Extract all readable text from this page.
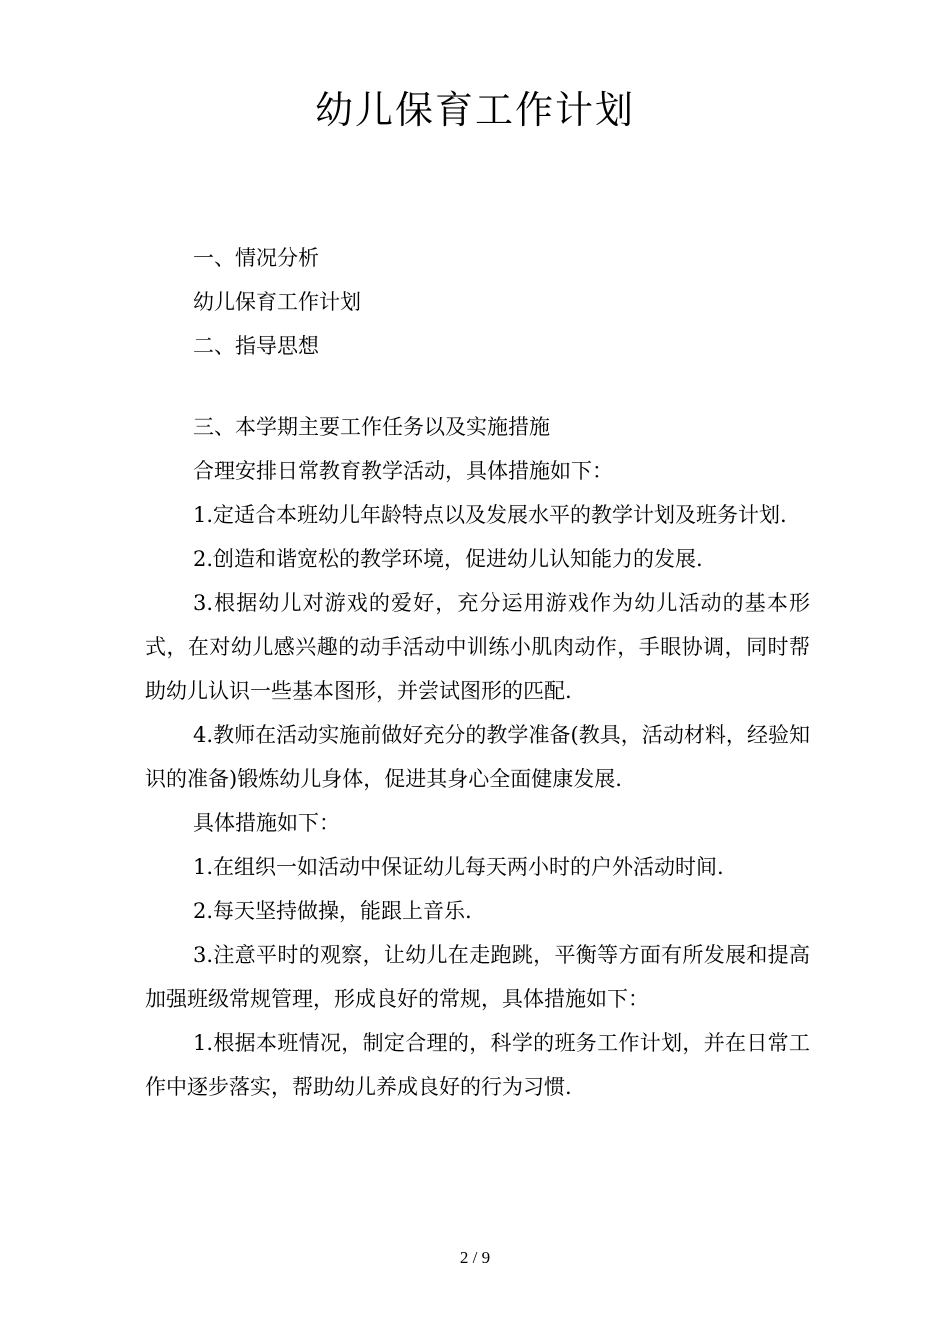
幼儿保育工作计划

一、情况分析

幼儿保育工作计划

二、指导思想

三、本学期主要工作任务以及实施措施

合理安排日常教育教学活动，具体措施如下：

1.定适合本班幼儿年龄特点以及发展水平的教学计划及班务计划.

2.创造和谐宽松的教学环境，促进幼儿认知能力的发展.

3.根据幼儿对游戏的爱好，充分运用游戏作为幼儿活动的基本形式，在对幼儿感兴趣的动手活动中训练小肌肉动作，手眼协调，同时帮助幼儿认识一些基本图形，并尝试图形的匹配.

4.教师在活动实施前做好充分的教学准备(教具，活动材料，经验知识的准备)锻炼幼儿身体，促进其身心全面健康发展.

具体措施如下：

1.在组织一如活动中保证幼儿每天两小时的户外活动时间.

2.每天坚持做操，能跟上音乐.

3.注意平时的观察，让幼儿在走跑跳，平衡等方面有所发展和提高加强班级常规管理，形成良好的常规，具体措施如下：

1.根据本班情况，制定合理的，科学的班务工作计划，并在日常工作中逐步落实，帮助幼儿养成良好的行为习惯.

2 / 9
